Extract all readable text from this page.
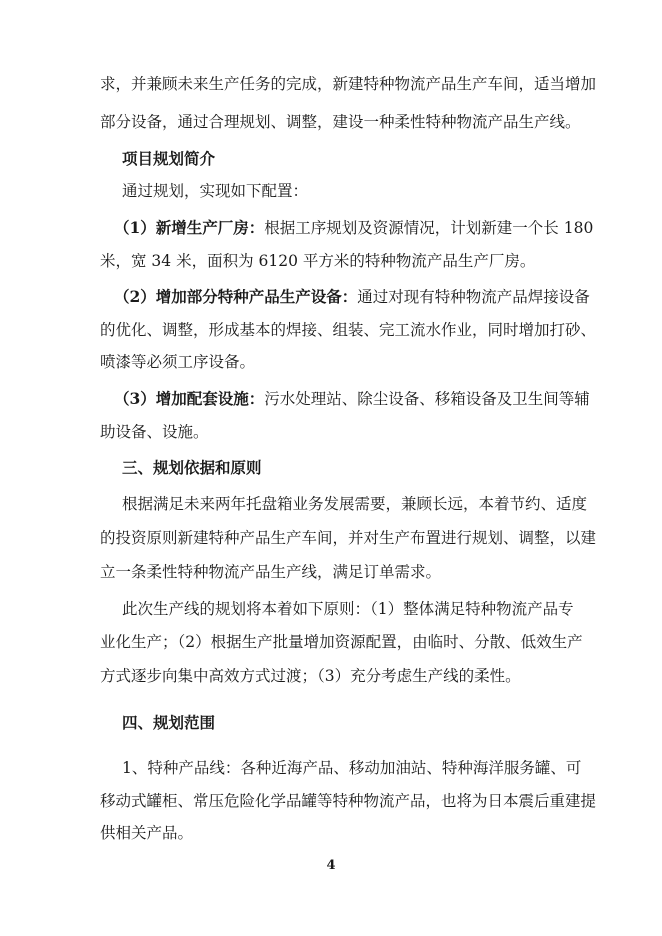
求，并兼顾未来生产任务的完成，新建特种物流产品生产车间，适当增加
部分设备，通过合理规划、调整，建设一种柔性特种物流产品生产线。
项目规划简介
通过规划，实现如下配置：
（1）新增生产厂房：根据工序规划及资源情况，计划新建一个长 180
米，宽 34 米，面积为 6120 平方米的特种物流产品生产厂房。
（2）增加部分特种产品生产设备：通过对现有特种物流产品焊接设备
的优化、调整，形成基本的焊接、组装、完工流水作业，同时增加打砂、
喷漆等必须工序设备。
（3）增加配套设施：污水处理站、除尘设备、移箱设备及卫生间等辅
助设备、设施。
三、规划依据和原则
根据满足未来两年托盘箱业务发展需要，兼顾长远，本着节约、适度
的投资原则新建特种产品生产车间，并对生产布置进行规划、调整，以建
立一条柔性特种物流产品生产线，满足订单需求。
此次生产线的规划将本着如下原则：（1）整体满足特种物流产品专
业化生产；（2）根据生产批量增加资源配置，由临时、分散、低效生产
方式逐步向集中高效方式过渡；（3）充分考虑生产线的柔性。
四、规划范围
1、特种产品线：各种近海产品、移动加油站、特种海洋服务罐、可
移动式罐柜、常压危险化学品罐等特种物流产品，也将为日本震后重建提
供相关产品。
4
